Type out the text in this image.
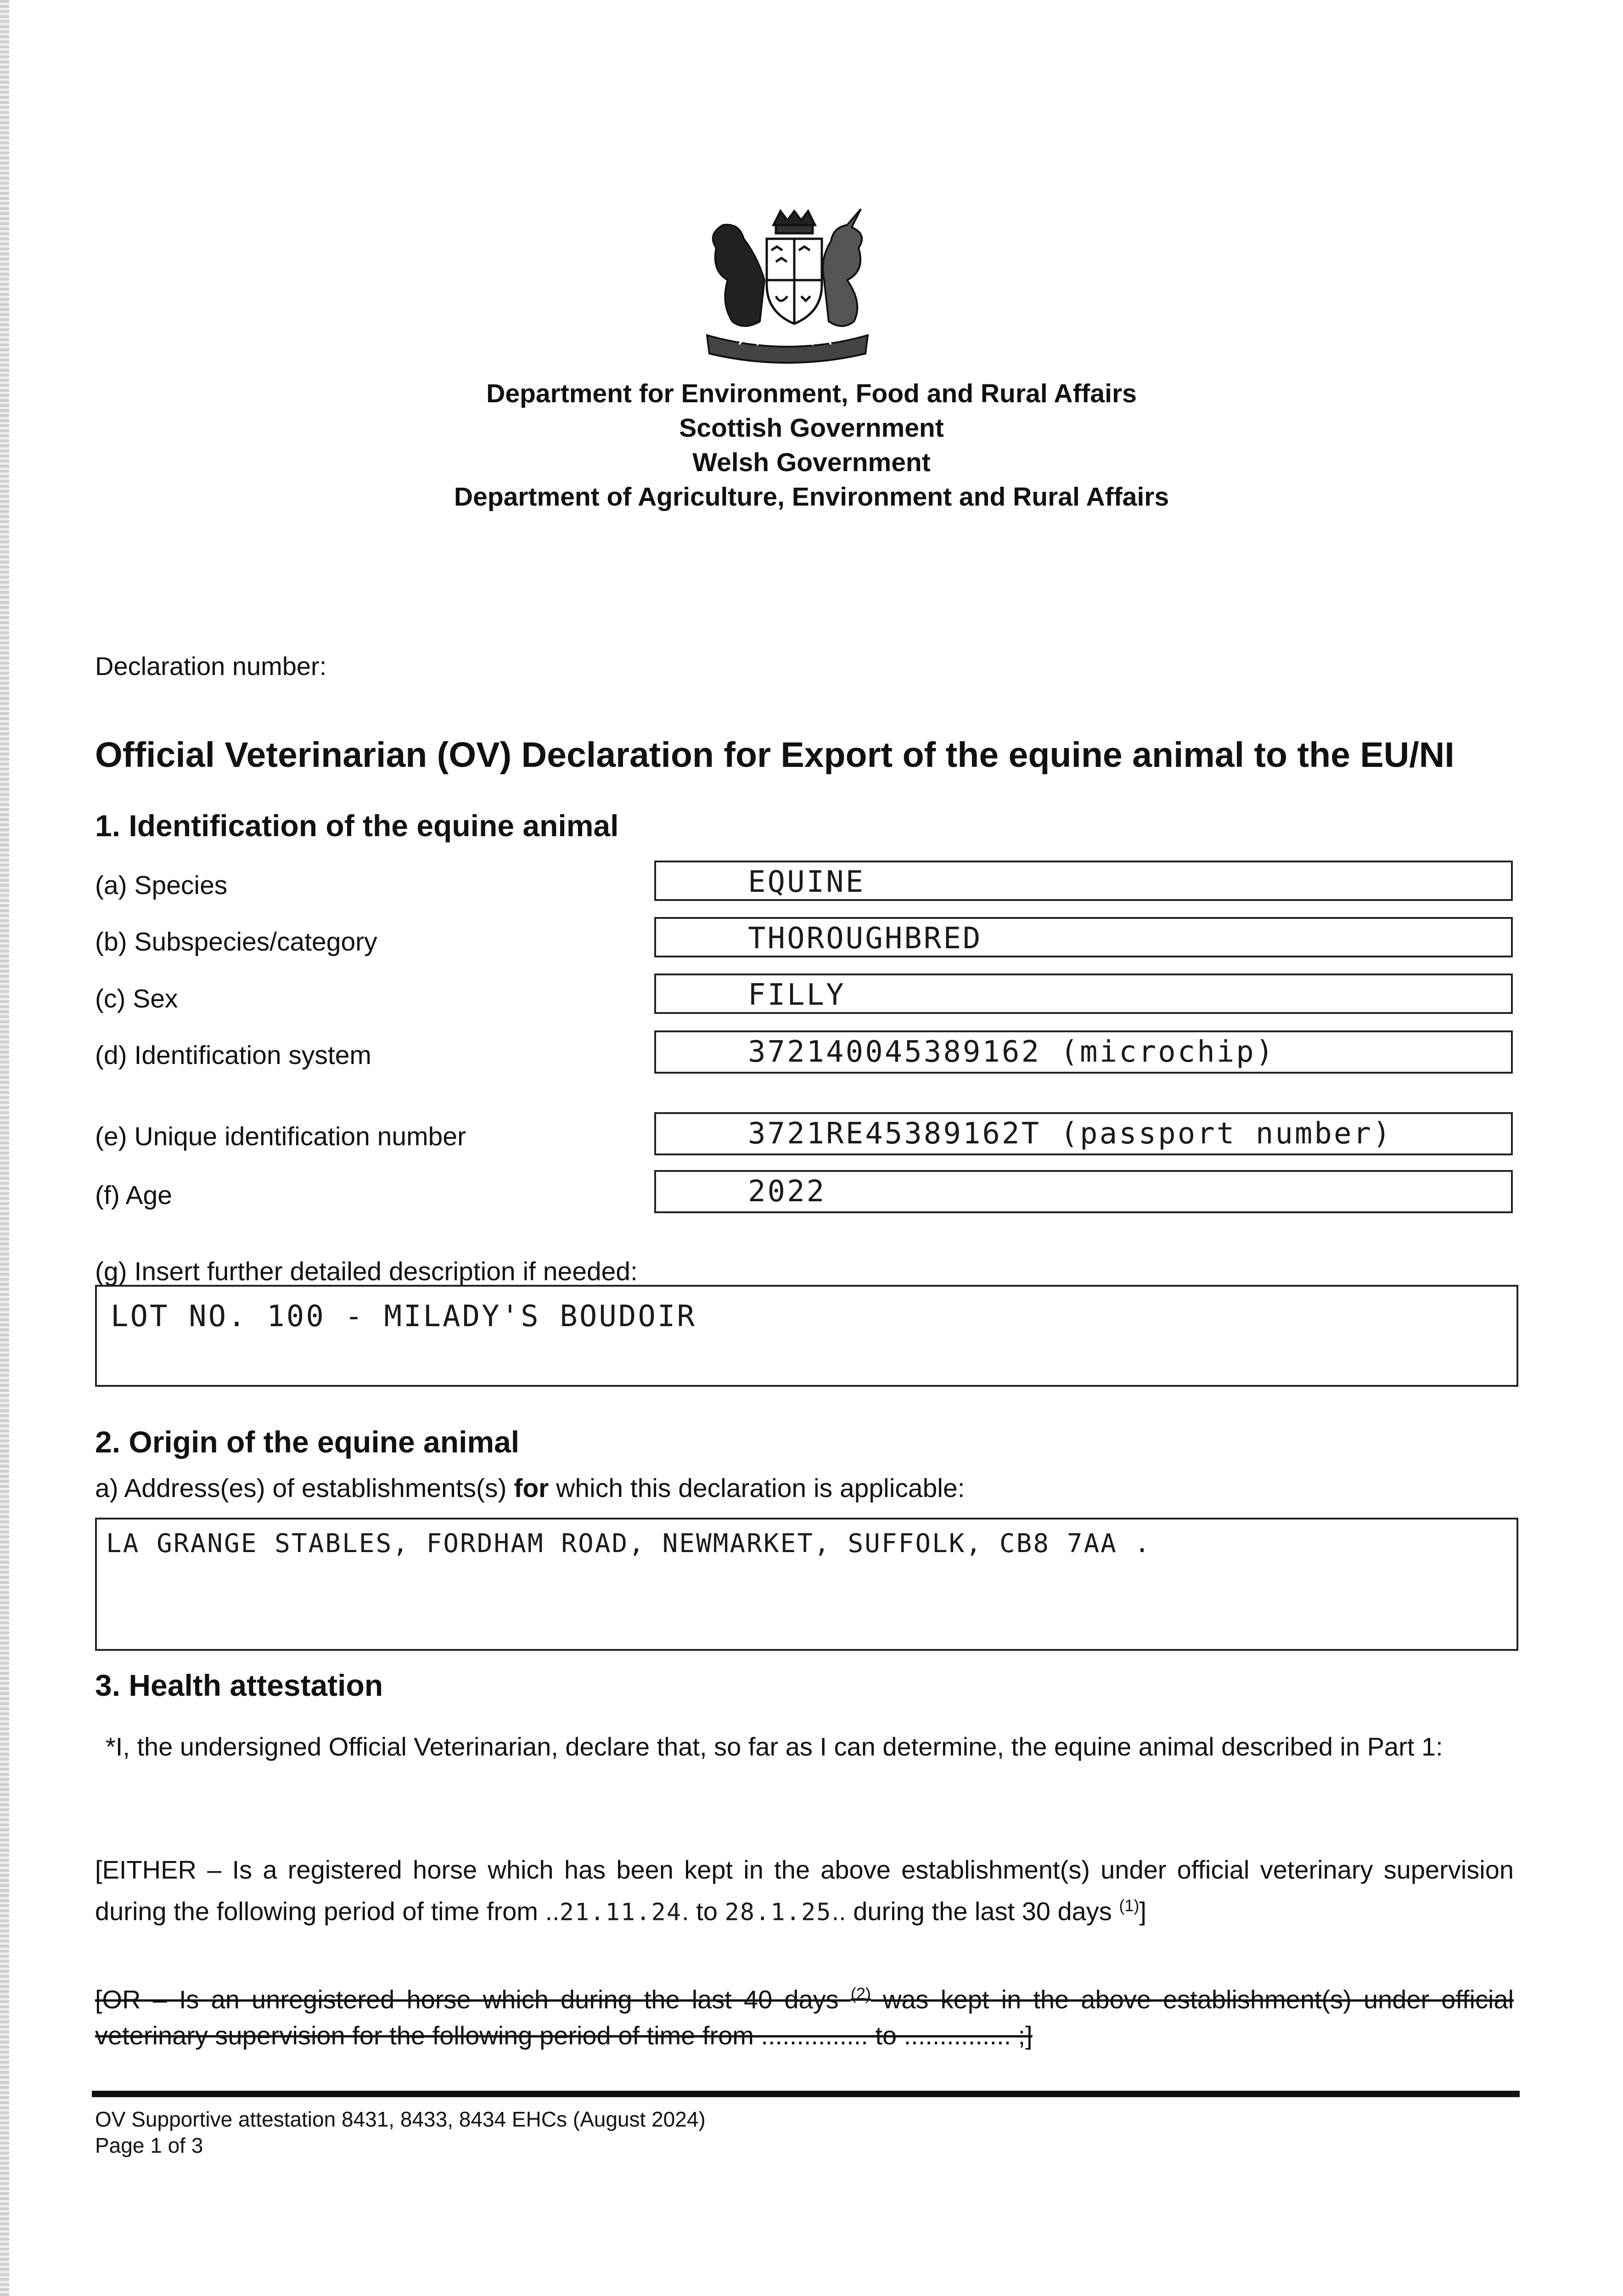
Department for Environment, Food and Rural Affairs
Scottish Government
Welsh Government
Department of Agriculture, Environment and Rural Affairs
Declaration number:
Official Veterinarian (OV) Declaration for Export of the equine animal to the EU/NI
1. Identification of the equine animal
(a) Species	EQUINE
(b) Subspecies/category	THOROUGHBRED
(c) Sex	FILLY
(d) Identification system	372140045389162 (microchip)
(e) Unique identification number	3721RE45389162T (passport number)
(f) Age	2022
(g) Insert further detailed description if needed:
LOT NO. 100 - MILADY'S BOUDOIR
2. Origin of the equine animal
a) Address(es) of establishments(s) for which this declaration is applicable:
LA GRANGE STABLES, FORDHAM ROAD, NEWMARKET, SUFFOLK, CB8 7AA .
3. Health attestation
*I, the undersigned Official Veterinarian, declare that, so far as I can determine, the equine animal described in Part 1:
[EITHER – Is a registered horse which has been kept in the above establishment(s) under official veterinary supervision during the following period of time from ..21.11.24. to 28.1.25.. during the last 30 days $^{(1)}$]
[OR – Is an unregistered horse which during the last 40 days $^{(2)}$ was kept in the above establishment(s) under official veterinary supervision for the following period of time from ............... to ............... ;]
OV Supportive attestation 8431, 8433, 8434 EHCs (August 2024)
Page 1 of 3
